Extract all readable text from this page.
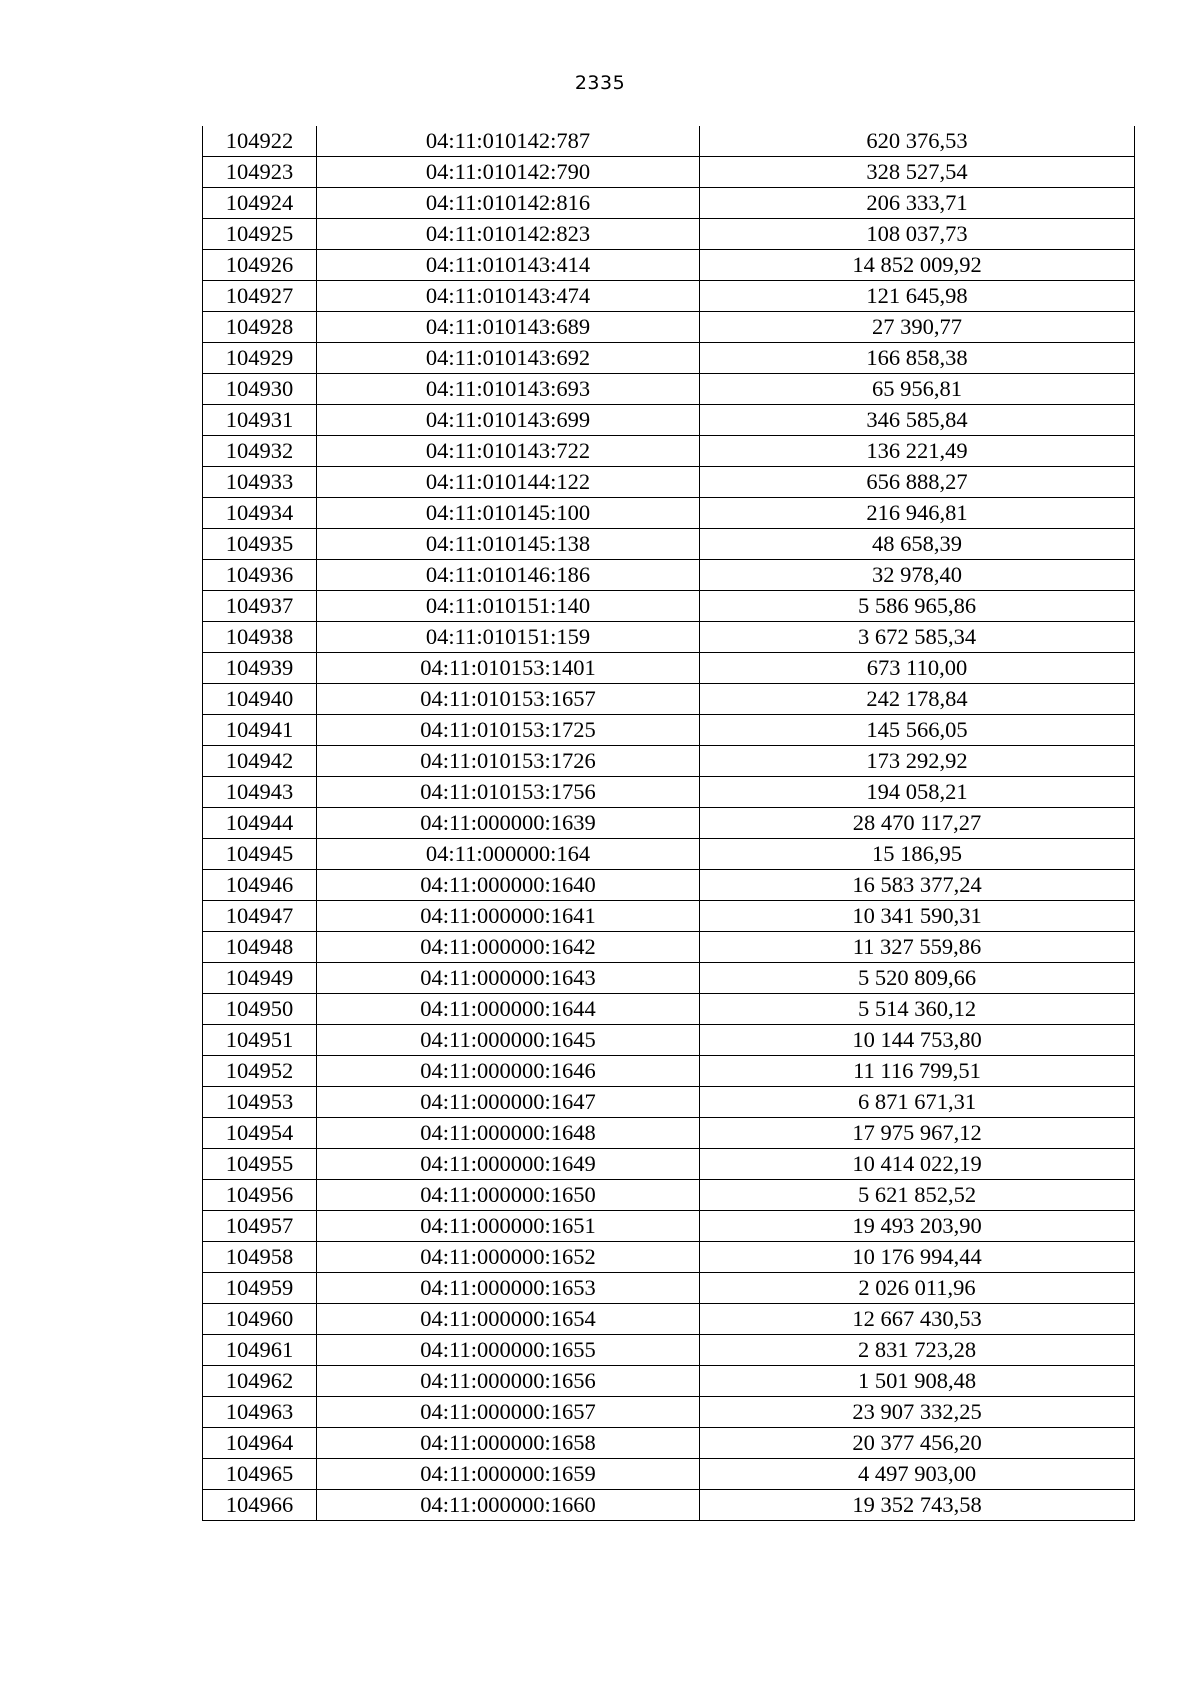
2335
104922	04:11:010142:787	620 376,53
104923	04:11:010142:790	328 527,54
104924	04:11:010142:816	206 333,71
104925	04:11:010142:823	108 037,73
104926	04:11:010143:414	14 852 009,92
104927	04:11:010143:474	121 645,98
104928	04:11:010143:689	27 390,77
104929	04:11:010143:692	166 858,38
104930	04:11:010143:693	65 956,81
104931	04:11:010143:699	346 585,84
104932	04:11:010143:722	136 221,49
104933	04:11:010144:122	656 888,27
104934	04:11:010145:100	216 946,81
104935	04:11:010145:138	48 658,39
104936	04:11:010146:186	32 978,40
104937	04:11:010151:140	5 586 965,86
104938	04:11:010151:159	3 672 585,34
104939	04:11:010153:1401	673 110,00
104940	04:11:010153:1657	242 178,84
104941	04:11:010153:1725	145 566,05
104942	04:11:010153:1726	173 292,92
104943	04:11:010153:1756	194 058,21
104944	04:11:000000:1639	28 470 117,27
104945	04:11:000000:164	15 186,95
104946	04:11:000000:1640	16 583 377,24
104947	04:11:000000:1641	10 341 590,31
104948	04:11:000000:1642	11 327 559,86
104949	04:11:000000:1643	5 520 809,66
104950	04:11:000000:1644	5 514 360,12
104951	04:11:000000:1645	10 144 753,80
104952	04:11:000000:1646	11 116 799,51
104953	04:11:000000:1647	6 871 671,31
104954	04:11:000000:1648	17 975 967,12
104955	04:11:000000:1649	10 414 022,19
104956	04:11:000000:1650	5 621 852,52
104957	04:11:000000:1651	19 493 203,90
104958	04:11:000000:1652	10 176 994,44
104959	04:11:000000:1653	2 026 011,96
104960	04:11:000000:1654	12 667 430,53
104961	04:11:000000:1655	2 831 723,28
104962	04:11:000000:1656	1 501 908,48
104963	04:11:000000:1657	23 907 332,25
104964	04:11:000000:1658	20 377 456,20
104965	04:11:000000:1659	4 497 903,00
104966	04:11:000000:1660	19 352 743,58
